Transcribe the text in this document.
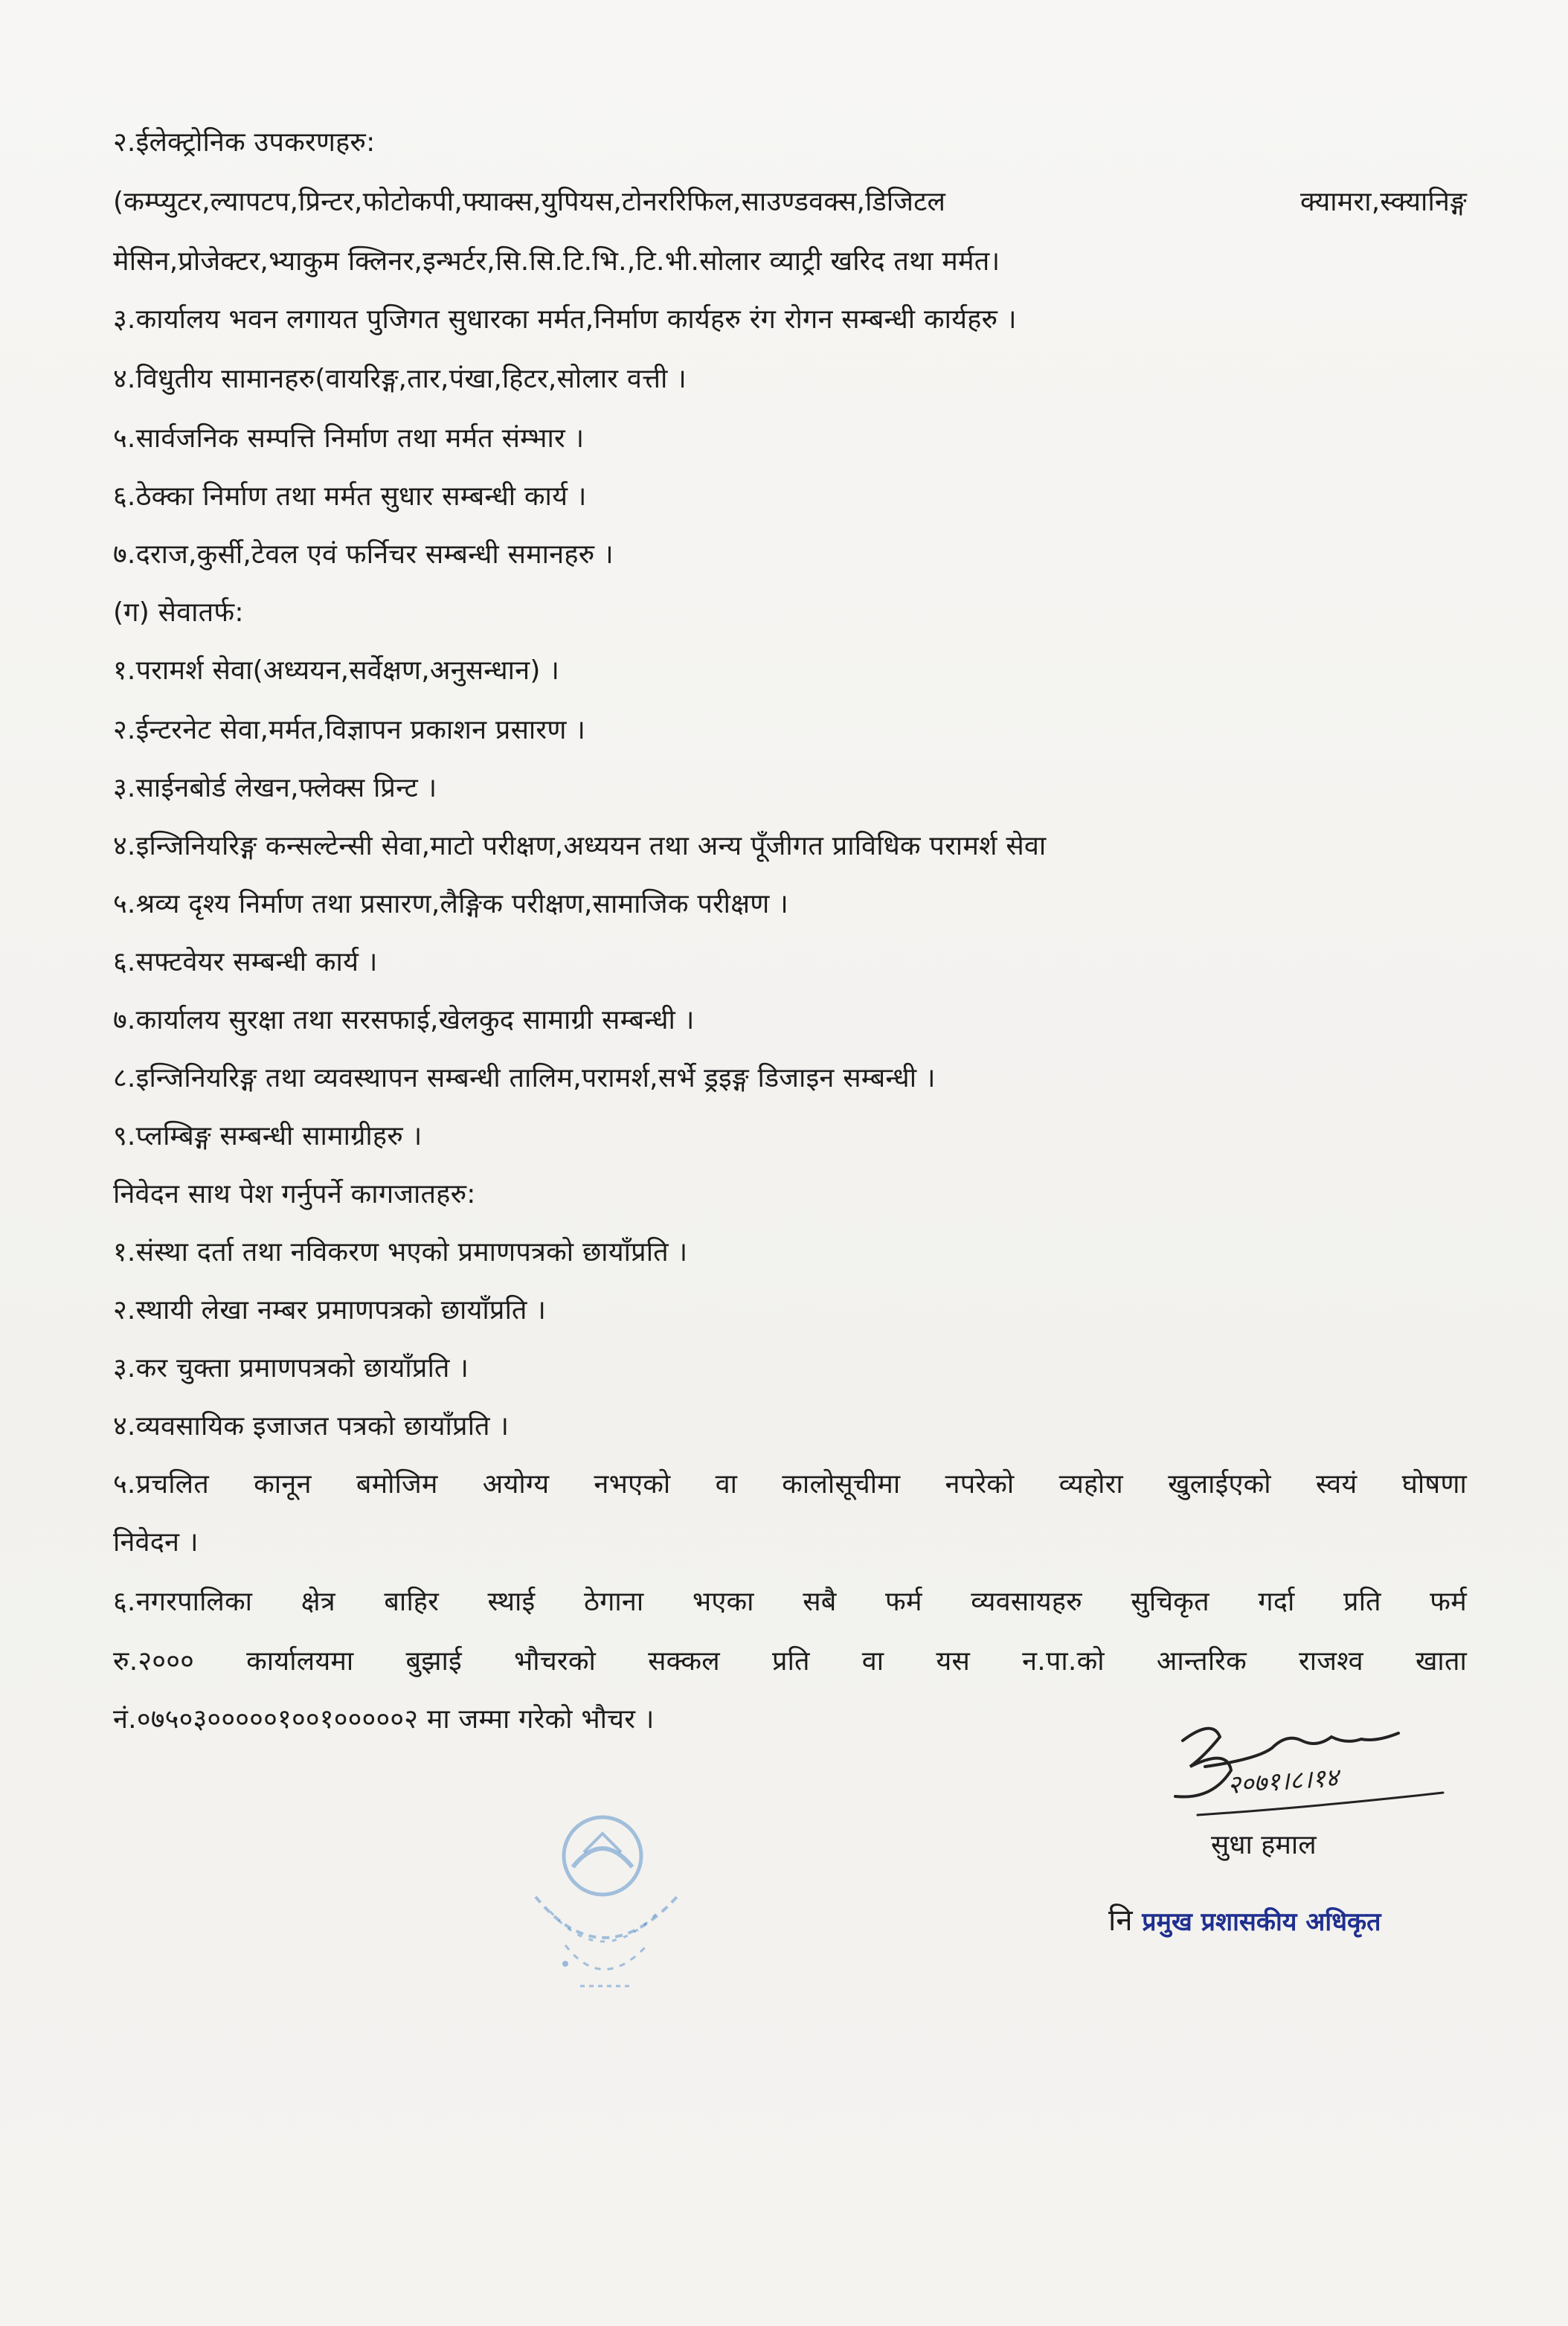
२.ईलेक्ट्रोनिक उपकरणहरु:
(कम्प्युटर,ल्यापटप,प्रिन्टर,फोटोकपी,फ्याक्स,युपियस,टोनररिफिल,साउण्डवक्स,डिजिटल क्यामरा,स्क्यानिङ्ग
मेसिन,प्रोजेक्टर,भ्याकुम क्लिनर,इन्भर्टर,सि.सि.टि.भि.,टि.भी.सोलार व्याट्री खरिद तथा मर्मत।
३.कार्यालय भवन लगायत पुजिगत सुधारका मर्मत,निर्माण कार्यहरु रंग रोगन सम्बन्धी कार्यहरु ।
४.विधुतीय सामानहरु(वायरिङ्ग,तार,पंखा,हिटर,सोलार वत्ती ।
५.सार्वजनिक सम्पत्ति निर्माण तथा मर्मत संम्भार ।
६.ठेक्का निर्माण तथा मर्मत सुधार सम्बन्धी कार्य ।
७.दराज,कुर्सी,टेवल एवं फर्निचर सम्बन्धी समानहरु ।
(ग) सेवातर्फ:
१.परामर्श सेवा(अध्ययन,सर्वेक्षण,अनुसन्धान) ।
२.ईन्टरनेट सेवा,मर्मत,विज्ञापन प्रकाशन प्रसारण ।
३.साईनबोर्ड लेखन,फ्लेक्स प्रिन्ट ।
४.इन्जिनियरिङ्ग कन्सल्टेन्सी सेवा,माटो परीक्षण,अध्ययन तथा अन्य पूँजीगत प्राविधिक परामर्श सेवा
५.श्रव्य दृश्य निर्माण तथा प्रसारण,लैङ्गिक परीक्षण,सामाजिक परीक्षण ।
६.सफ्टवेयर सम्बन्धी कार्य ।
७.कार्यालय सुरक्षा तथा सरसफाई,खेलकुद सामाग्री सम्बन्धी ।
८.इन्जिनियरिङ्ग तथा व्यवस्थापन सम्बन्धी तालिम,परामर्श,सर्भे ड्रइङ्ग डिजाइन सम्बन्धी ।
९.प्लम्बिङ्ग सम्बन्धी सामाग्रीहरु ।
निवेदन साथ पेश गर्नुपर्ने कागजातहरु:
१.संस्था दर्ता तथा नविकरण भएको प्रमाणपत्रको छायाँप्रति ।
२.स्थायी लेखा नम्बर प्रमाणपत्रको छायाँप्रति ।
३.कर चुक्ता प्रमाणपत्रको छायाँप्रति ।
४.व्यवसायिक इजाजत पत्रको छायाँप्रति ।
५.प्रचलित कानून बमोजिम अयोग्य नभएको वा कालोसूचीमा नपरेको व्यहोरा खुलाईएको स्वयं घोषणा
निवेदन ।
६.नगरपालिका क्षेत्र बाहिर स्थाई ठेगाना भएका सबै फर्म व्यवसायहरु सुचिकृत गर्दा प्रति फर्म
रु.२००० कार्यालयमा बुझाई भौचरको सक्कल प्रति वा यस न.पा.को आन्तरिक राजश्व खाता
नं.०७५०३०००००१००१०००००२ मा जम्मा गरेको भौचर ।
२०७१।८।१४
सुधा हमाल
नि प्रमुख प्रशासकीय अधिकृत
